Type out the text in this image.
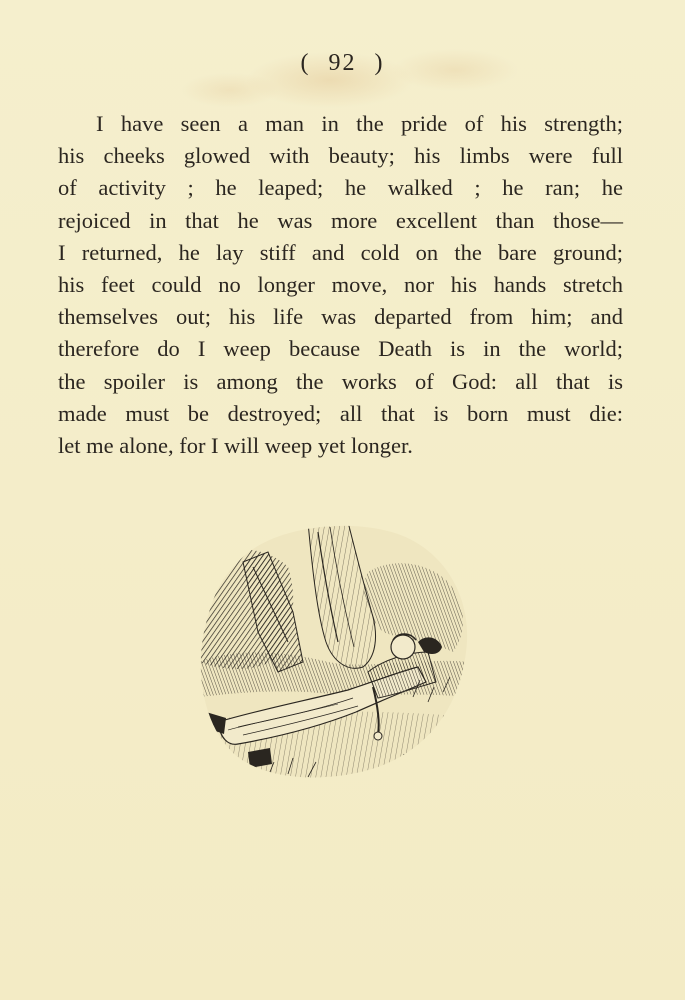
( 92 )
I have seen a man in the pride of his strength;
his cheeks glowed with beauty; his limbs were full
of activity ; he leaped; he walked ; he ran; he
rejoiced in that he was more excellent than those—
I returned, he lay stiff and cold on the bare ground;
his feet could no longer move, nor his hands stretch
themselves out; his life was departed from him; and
therefore do I weep because Death is in the world;
the spoiler is among the works of God: all that is
made must be destroyed; all that is born must die:
let me alone, for I will weep yet longer.
